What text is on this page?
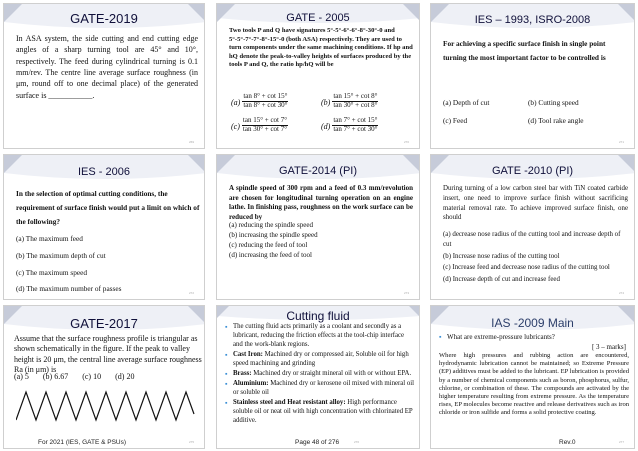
GATE-2019
In ASA system, the side cutting and end cutting edge angles of a sharp turning tool are 45° and 10°, respectively. The feed during cylindrical turning is 0.1 mm/rev. The centre line average surface roughness (in μm, round off to one decimal place) of the generated surface is ___________.
269
GATE - 2005
Two tools P and Q have signatures 5°-5°-6°-6°-8°-30°-0 and 5°-5°-7°-7°-8°-15°-0 (both ASA) respectively. They are used to turn components under the same machining conditions. If hp and hQ denote the peak-to-valley heights of surfaces produced by the tools P and Q, the ratio hp/hQ will be
$(a) \frac{\tan 8^\circ + \cot 15^\circ}{\tan 8^\circ + \cot 30^\circ}$	$(b) \frac{\tan 15^\circ + \cot 8^\circ}{\tan 30^\circ + \cot 8^\circ}$
$(c) \frac{\tan 15^\circ + \cot 7^\circ}{\tan 30^\circ + \cot 7^\circ}$	$(d) \frac{\tan 7^\circ + \cot 15^\circ}{\tan 7^\circ + \cot 30^\circ}$
270
IES – 1993, ISRO-2008
For achieving a specific surface finish in single point turning the most important factor to be controlled is
(a) Depth of cut	(b) Cutting speed
(c) Feed	(d) Tool rake angle
271
IES - 2006
In the selection of optimal cutting conditions, the requirement of surface finish would put a limit on which of the following?
(a) The maximum feed
(b) The maximum depth of cut
(c) The maximum speed
(d) The maximum number of passes	272
GATE-2014 (PI)
A spindle speed of 300 rpm and a feed of 0.3 mm/revolution are chosen for longitudinal turning operation on an engine lathe. In finishing pass, roughness on the work surface can be reduced by
(a) reducing the spindle speed
(b) increasing the spindle speed
(c) reducing the feed of tool
(d) increasing the feed of tool
273
GATE -2010 (PI)
During turning of a low carbon steel bar with TiN coated carbide insert, one need to improve surface finish without sacrificing material removal rate. To achieve improved surface finish, one should
(a) decrease nose radius of the cutting tool and increase depth of cut
(b) Increase nose radius of the cutting tool
(c) Increase feed and decrease nose radius of the cutting tool
(d) Increase depth of cut and increase feed
274
GATE-2017
Assume that the surface roughness profile is triangular as shown schematically in the figure. If the peak to valley height is 20 μm, the central line average surface roughness Ra (in μm) is
(a) 5 (b) 6.67 (c) 10 (d) 20
For 2021 (IES, GATE & PSUs)	275
Cutting fluid
▪ The cutting fluid acts primarily as a coolant and secondly as a lubricant, reducing the friction effects at the tool-chip interface and the work-blank regions.
▪ Cast Iron: Machined dry or compressed air, Soluble oil for high speed machining and grinding
▪ Brass: Machined dry or straight mineral oil with or without EPA.
▪ Aluminium: Machined dry or kerosene oil mixed with mineral oil or soluble oil
▪ Stainless steel and Heat resistant alloy: High performance soluble oil or neat oil with high concentration with chlorinated EP additive.
Page 48 of 276	276
IAS -2009 Main
▪ What are extreme-pressure lubricants?
[ 3 – marks]
Where high pressures and rubbing action are encountered, hydrodynamic lubrication cannot be maintained; so Extreme Pressure (EP) additives must be added to the lubricant. EP lubrication is provided by a number of chemical components such as boron, phosphorus, sulfur, chlorine, or combination of these. The compounds are activated by the higher temperature resulting from extreme pressure. As the temperature rises, EP molecules become reactive and release derivatives such as iron chloride or iron sulfide and forms a solid protective coating.
Rev.0	277
